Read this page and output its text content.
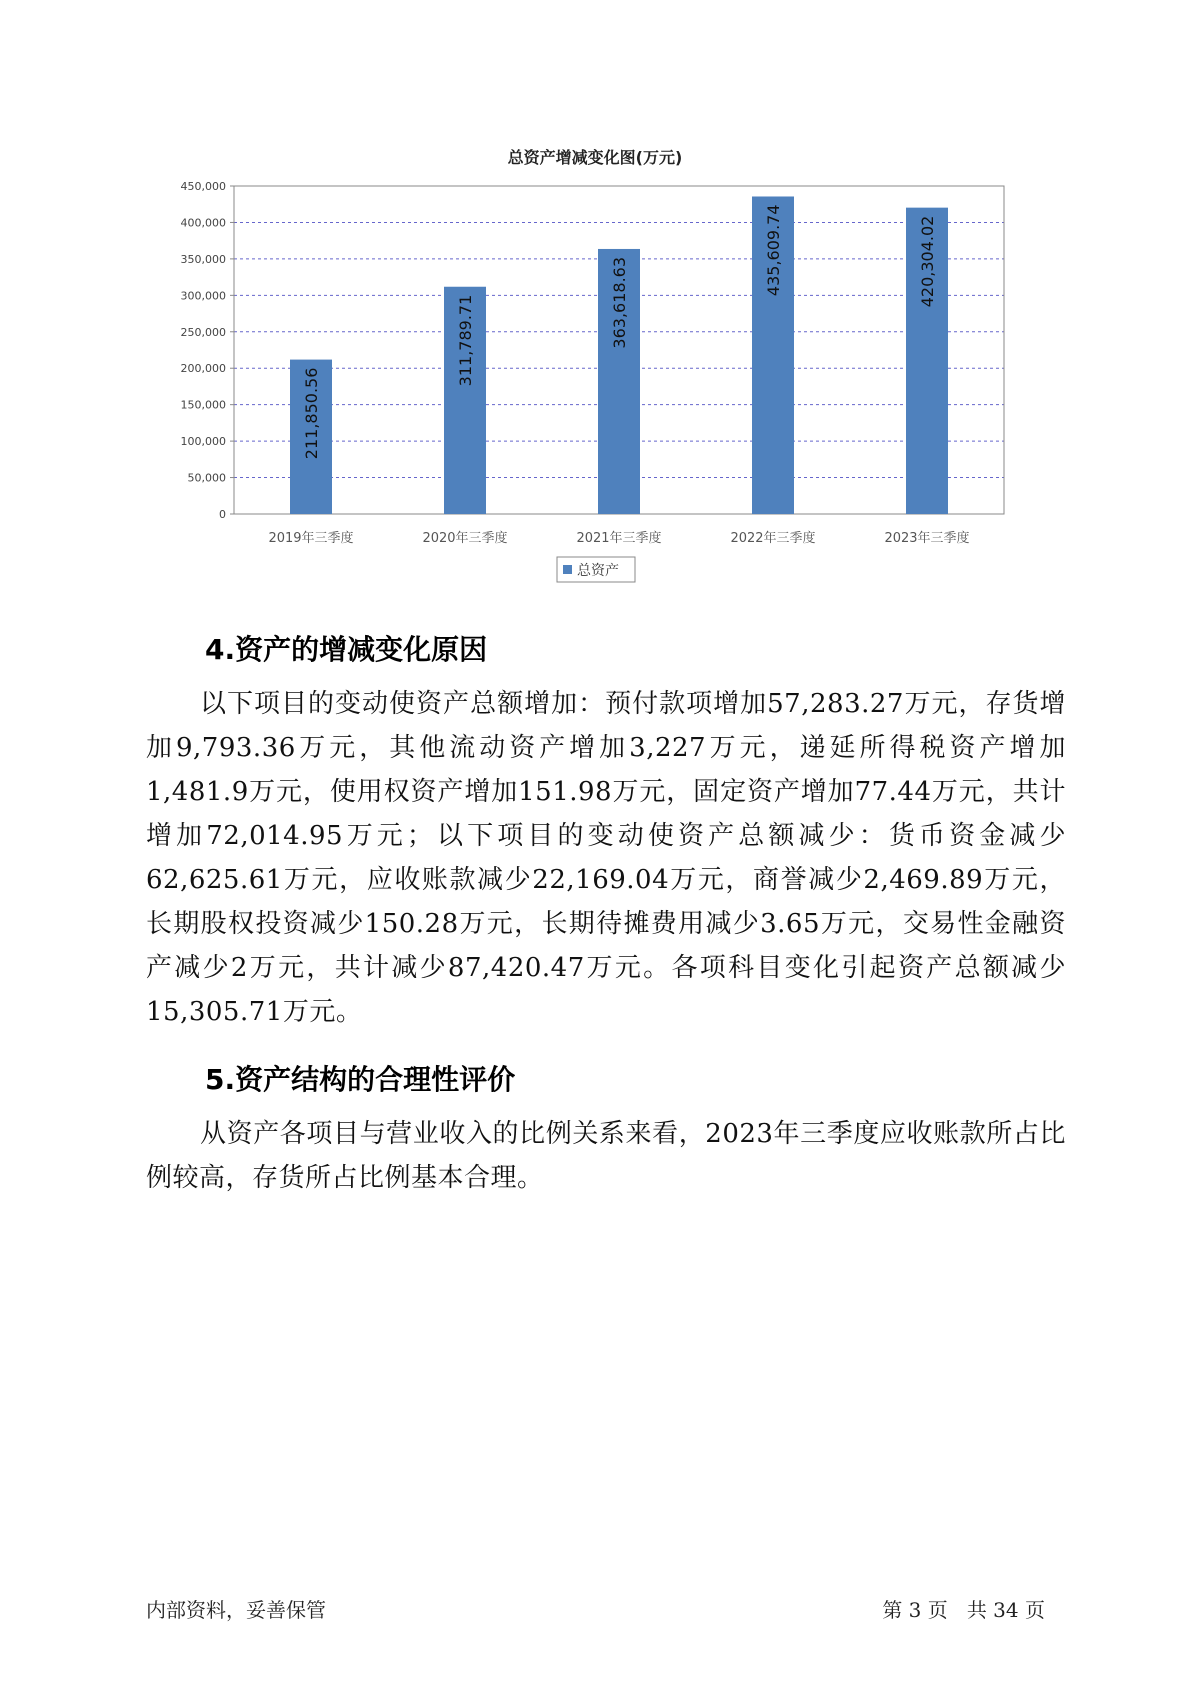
总资产增减变化图(万元)
0
50,000
100,000
150,000
200,000
250,000
300,000
350,000
400,000
450,000
211,850.56
311,789.71	363,618.63
435,609.74	420,304.02
2019年三季度	2020年三季度	2021年三季度	2022年三季度	2023年三季度
总资产
4.资产的增减变化原因
以下项目的变动使资产总额增加：预付款项增加57,283.27万元，存货增加9,793.36万元，其他流动资产增加3,227万元，递延所得税资产增加1,481.9万元，使用权资产增加151.98万元，固定资产增加77.44万元，共计增加72,014.95万元；以下项目的变动使资产总额减少：货币资金减少62,625.61万元，应收账款减少22,169.04万元，商誉减少2,469.89万元，长期股权投资减少150.28万元，长期待摊费用减少3.65万元，交易性金融资产减少2万元，共计减少87,420.47万元。各项科目变化引起资产总额减少15,305.71万元。
5.资产结构的合理性评价
从资产各项目与营业收入的比例关系来看，2023年三季度应收账款所占比例较高，存货所占比例基本合理。
内部资料，妥善保管	第 3 页   共 34 页
